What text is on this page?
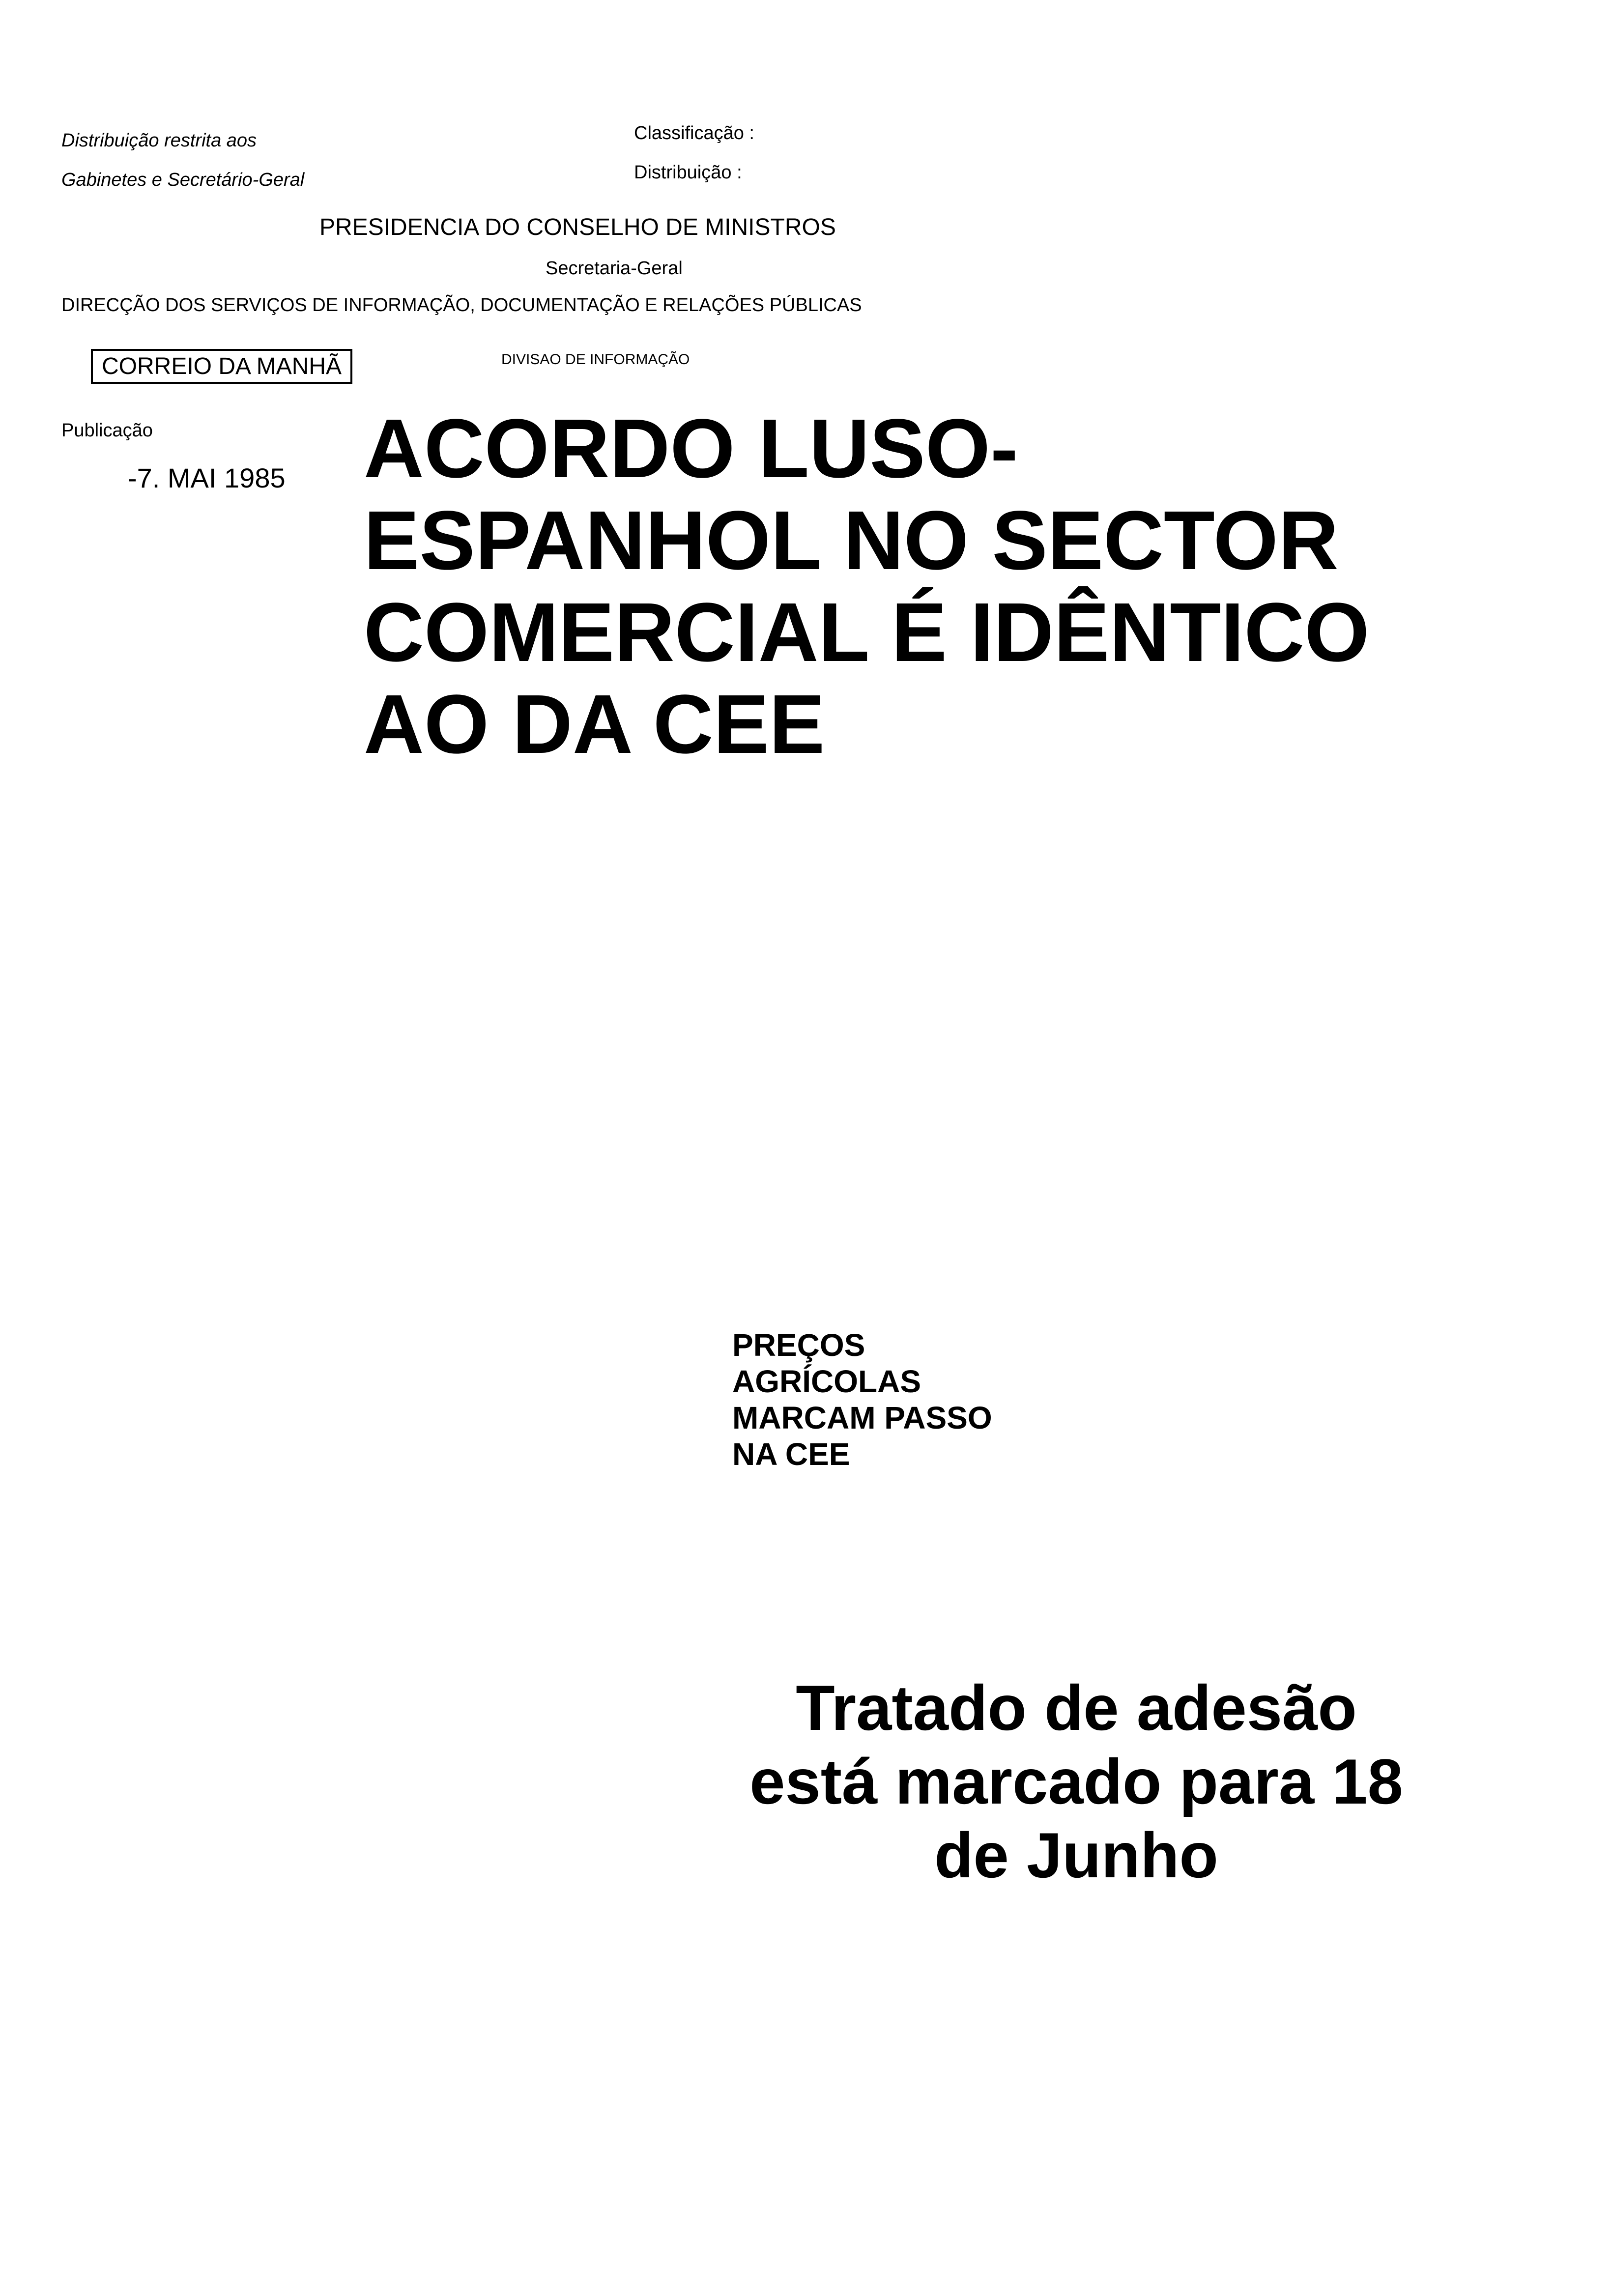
Distribuição restrita aos
Gabinetes e Secretário-Geral
Classificação :
Distribuição :
PRESIDENCIA DO CONSELHO DE MINISTROS
Secretaria-Geral
DIRECÇÃO DOS SERVIÇOS DE INFORMAÇÃO, DOCUMENTAÇÃO E RELAÇÕES PÚBLICAS
CORREIO DA MANHÃ	DIVISAO DE INFORMAÇÃO
Publicação
-7. MAI 1985 ACORDO LUSO-ESPANHOL NO SECTOR COMERCIAL É IDÊNTICO AO DA CEE
PREÇOS AGRÍCOLAS MARCAM PASSO NA CEE
Tratado de adesão está marcado para 18 de Junho
